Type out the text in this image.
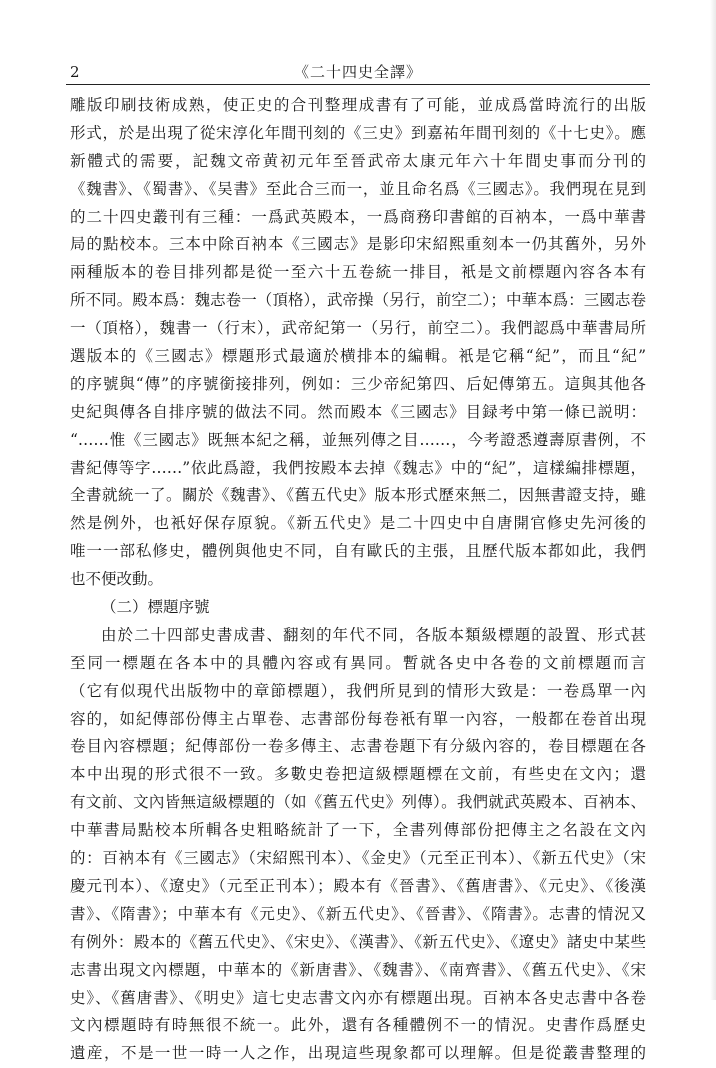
2	《二十四史全譯》
雕版印刷技術成熟，使正史的合刊整理成書有了可能，並成爲當時流行的出版
形式，於是出現了從宋淳化年間刊刻的《三史》到嘉祐年間刊刻的《十七史》。應
新體式的需要，記魏文帝黄初元年至晉武帝太康元年六十年間史事而分刊的
《魏書》、《蜀書》、《吴書》至此合三而一，並且命名爲《三國志》。我們現在見到
的二十四史叢刊有三種：一爲武英殿本，一爲商務印書館的百衲本，一爲中華書
局的點校本。三本中除百衲本《三國志》是影印宋紹熙重刻本一仍其舊外，另外
兩種版本的卷目排列都是從一至六十五卷統一排目，衹是文前標題內容各本有
所不同。殿本爲：魏志卷一（頂格），武帝操（另行，前空二）；中華本爲：三國志卷
一（頂格），魏書一（行末），武帝紀第一（另行，前空二）。我們認爲中華書局所
選版本的《三國志》標題形式最適於横排本的編輯。衹是它稱“紀”，而且“紀”
的序號與“傳”的序號銜接排列，例如：三少帝紀第四、后妃傳第五。這與其他各
史紀與傳各自排序號的做法不同。然而殿本《三國志》目録考中第一條已説明：
“……惟《三國志》既無本紀之稱，並無列傳之目……，今考證悉遵壽原書例，不
書紀傳等字……”依此爲證，我們按殿本去掉《魏志》中的“紀”，這樣編排標題，
全書就統一了。關於《魏書》、《舊五代史》版本形式歷來無二，因無書證支持，雖
然是例外，也衹好保存原貌。《新五代史》是二十四史中自唐開官修史先河後的
唯一一部私修史，體例與他史不同，自有歐氏的主張，且歷代版本都如此，我們
也不便改動。
（二）標題序號
由於二十四部史書成書、翻刻的年代不同，各版本類級標題的設置、形式甚
至同一標題在各本中的具體內容或有異同。暫就各史中各卷的文前標題而言
（它有似現代出版物中的章節標題），我們所見到的情形大致是：一卷爲單一內
容的，如紀傳部份傳主占單卷、志書部份每卷衹有單一內容，一般都在卷首出現
卷目內容標題；紀傳部份一卷多傳主、志書卷題下有分級內容的，卷目標題在各
本中出現的形式很不一致。多數史卷把這級標題標在文前，有些史在文內；還
有文前、文內皆無這級標題的（如《舊五代史》列傳）。我們就武英殿本、百衲本、
中華書局點校本所輯各史粗略統計了一下，全書列傳部份把傳主之名設在文內
的：百衲本有《三國志》（宋紹熙刊本）、《金史》（元至正刊本）、《新五代史》（宋
慶元刊本）、《遼史》（元至正刊本）；殿本有《晉書》、《舊唐書》、《元史》、《後漢
書》、《隋書》；中華本有《元史》、《新五代史》、《晉書》、《隋書》。志書的情況又
有例外：殿本的《舊五代史》、《宋史》、《漢書》、《新五代史》、《遼史》諸史中某些
志書出現文內標題，中華本的《新唐書》、《魏書》、《南齊書》、《舊五代史》、《宋
史》、《舊唐書》、《明史》這七史志書文內亦有標題出現。百衲本各史志書中各卷
文內標題時有時無很不統一。此外，還有各種體例不一的情況。史書作爲歷史
遺産，不是一世一時一人之作，出現這些現象都可以理解。但是從叢書整理的
